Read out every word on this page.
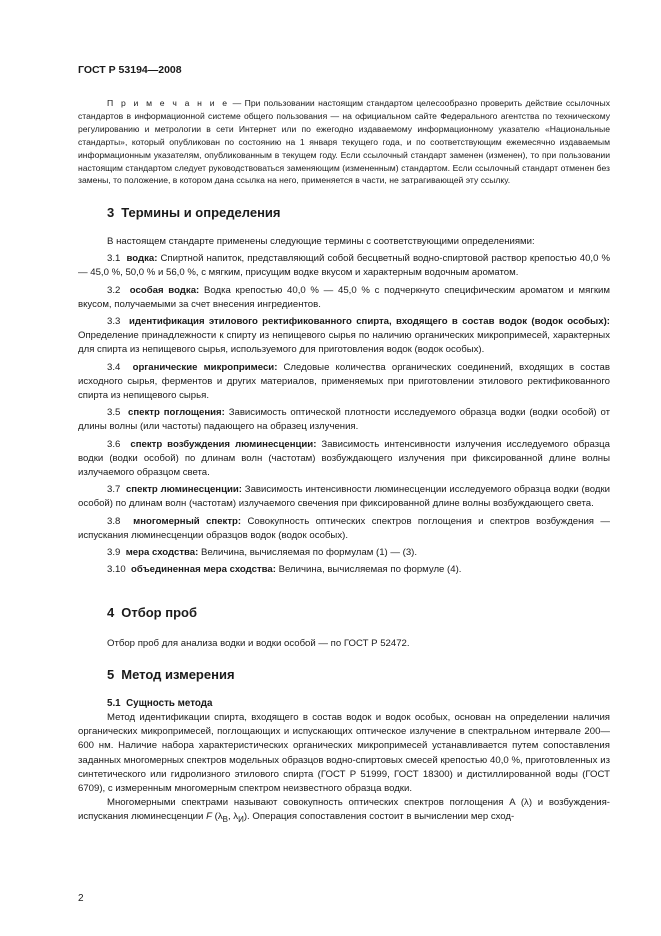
ГОСТ Р 53194—2008

П р и м е ч а н и е — При пользовании настоящим стандартом целесообразно проверить действие ссылочных стандартов в информационной системе общего пользования — на официальном сайте Федерального агентства по техническому регулированию и метрологии в сети Интернет или по ежегодно издаваемому информационному указателю «Национальные стандарты», который опубликован по состоянию на 1 января текущего года, и по соответствующим ежемесячно издаваемым информационным указателям, опубликованным в текущем году. Если ссылочный стандарт заменен (изменен), то при пользовании настоящим стандартом следует руководствоваться заменяющим (измененным) стандартом. Если ссылочный стандарт отменен без замены, то положение, в котором дана ссылка на него, применяется в части, не затрагивающей эту ссылку.

3 Термины и определения

В настоящем стандарте применены следующие термины с соответствующими определениями:

3.1 водка: Спиртной напиток, представляющий собой бесцветный водно-спиртовой раствор крепостью 40,0 % — 45,0 %, 50,0 % и 56,0 %, с мягким, присущим водке вкусом и характерным водочным ароматом.

3.2 особая водка: Водка крепостью 40,0 % — 45,0 % с подчеркнуто специфическим ароматом и мягким вкусом, получаемыми за счет внесения ингредиентов.

3.3 идентификация этилового ректификованного спирта, входящего в состав водок (водок особых): Определение принадлежности к спирту из непищевого сырья по наличию органических микропримесей, характерных для спирта из непищевого сырья, используемого для приготовления водок (водок особых).

3.4 органические микропримеси: Следовые количества органических соединений, входящих в состав исходного сырья, ферментов и других материалов, применяемых при приготовлении этилового ректификованного спирта из непищевого сырья.

3.5 спектр поглощения: Зависимость оптической плотности исследуемого образца водки (водки особой) от длины волны (или частоты) падающего на образец излучения.

3.6 спектр возбуждения люминесценции: Зависимость интенсивности излучения исследуемого образца водки (водки особой) по длинам волн (частотам) возбуждающего излучения при фиксированной длине волны излучаемого образцом света.

3.7 спектр люминесценции: Зависимость интенсивности люминесценции исследуемого образца водки (водки особой) по длинам волн (частотам) излучаемого свечения при фиксированной длине волны возбуждающего света.

3.8 многомерный спектр: Совокупность оптических спектров поглощения и спектров возбуждения — испускания люминесценции образцов водок (водок особых).

3.9 мера сходства: Величина, вычисляемая по формулам (1) — (3).

3.10 объединенная мера сходства: Величина, вычисляемая по формуле (4).

4 Отбор проб

Отбор проб для анализа водки и водки особой — по ГОСТ Р 52472.

5 Метод измерения
5.1 Сущность метода

Метод идентификации спирта, входящего в состав водок и водок особых, основан на определении наличия органических микропримесей, поглощающих и испускающих оптическое излучение в спектральном интервале 200—600 нм. Наличие набора характеристических органических микропримесей устанавливается путем сопоставления заданных многомерных спектров модельных образцов водно-спиртовых смесей крепостью 40,0 %, приготовленных из синтетического или гидролизного этилового спирта (ГОСТ Р 51999, ГОСТ 18300) и дистиллированной воды (ГОСТ 6709), с измеренным многомерным спектром неизвестного образца водки.

Многомерными спектрами называют совокупность оптических спектров поглощения A (λ) и возбуждения-испускания люминесценции F ($\lambda_В$, $\lambda_И$). Операция сопоставления состоит в вычислении мер сход-

2
